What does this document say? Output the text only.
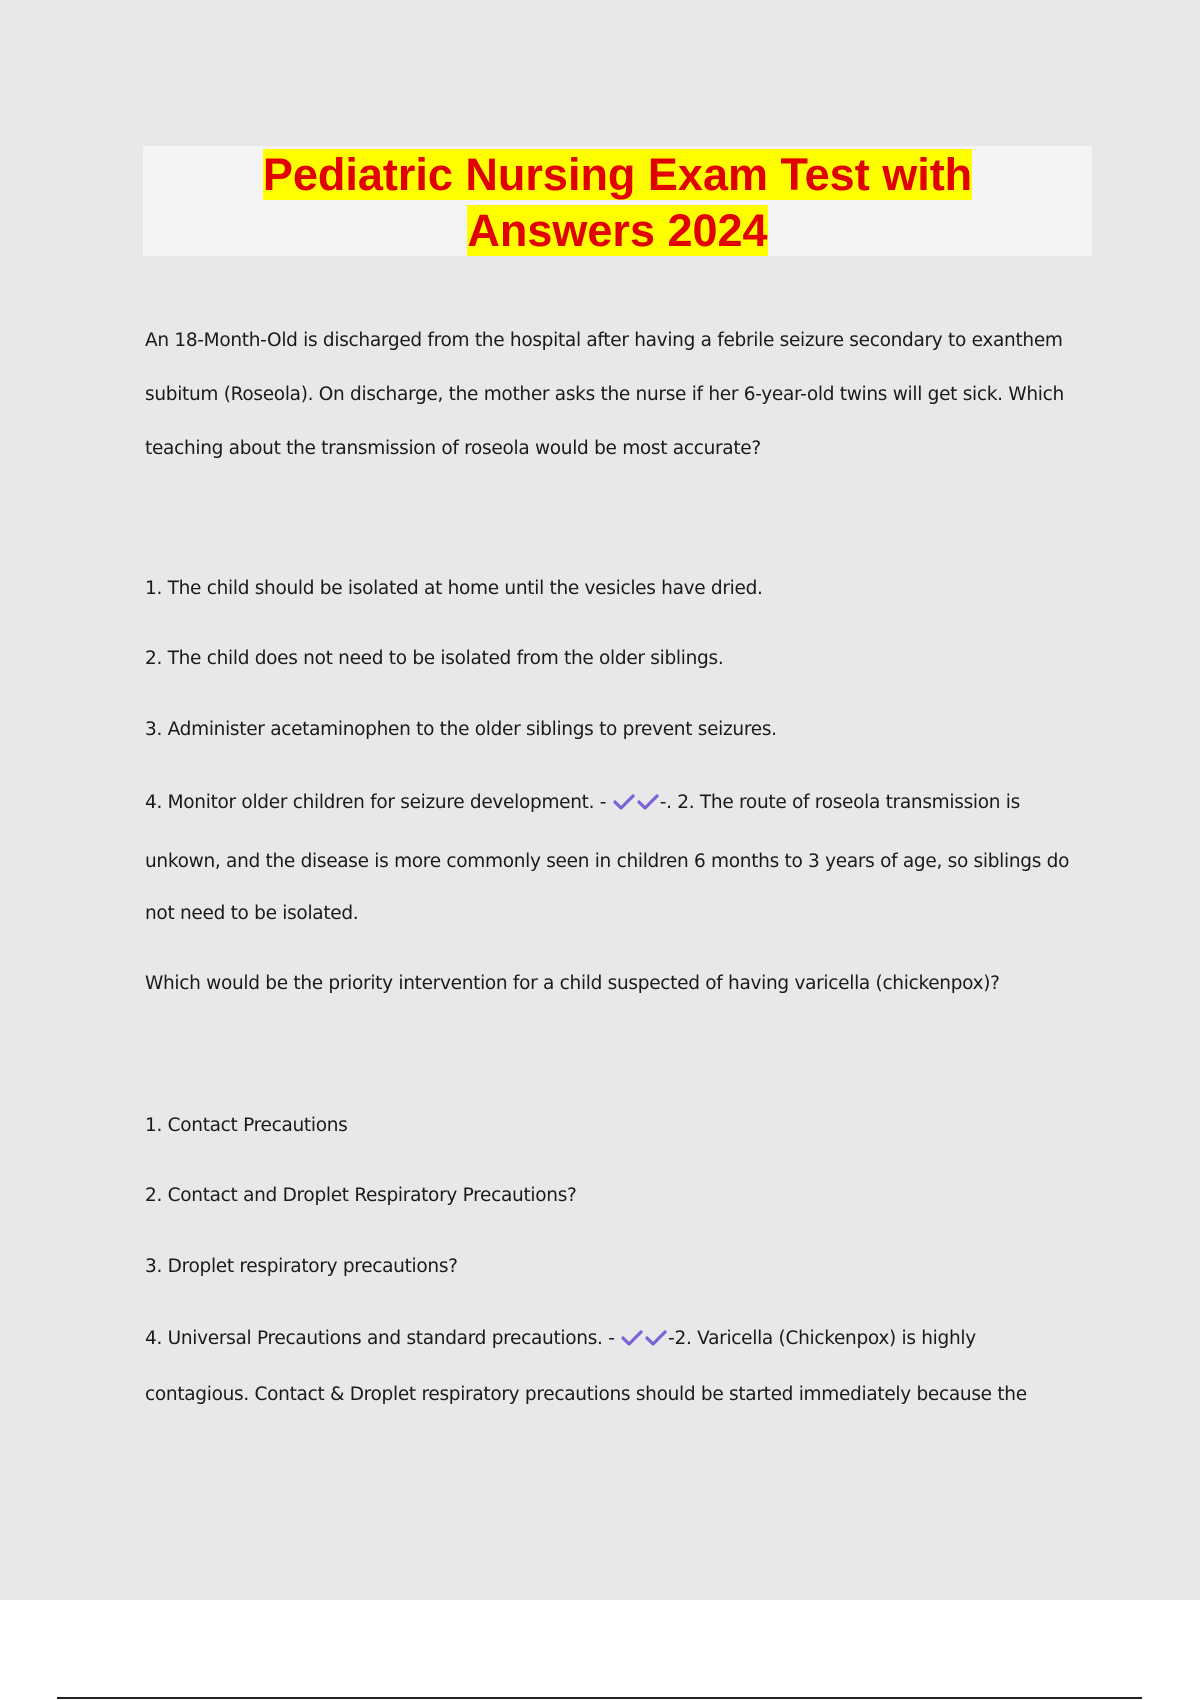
Pediatric Nursing Exam Test with
Answers 2024
An 18-Month-Old is discharged from the hospital after having a febrile seizure secondary to exanthem
subitum (Roseola). On discharge, the mother asks the nurse if her 6-year-old twins will get sick. Which
teaching about the transmission of roseola would be most accurate?
1. The child should be isolated at home until the vesicles have dried.
2. The child does not need to be isolated from the older siblings.
3. Administer acetaminophen to the older siblings to prevent seizures.
4. Monitor older children for seizure development. -	-. 2. The route of roseola transmission is
unkown, and the disease is more commonly seen in children 6 months to 3 years of age, so siblings do
not need to be isolated.
Which would be the priority intervention for a child suspected of having varicella (chickenpox)?
1. Contact Precautions
2. Contact and Droplet Respiratory Precautions?
3. Droplet respiratory precautions?
4. Universal Precautions and standard precautions. -	-2. Varicella (Chickenpox) is highly
contagious. Contact & Droplet respiratory precautions should be started immediately because the
